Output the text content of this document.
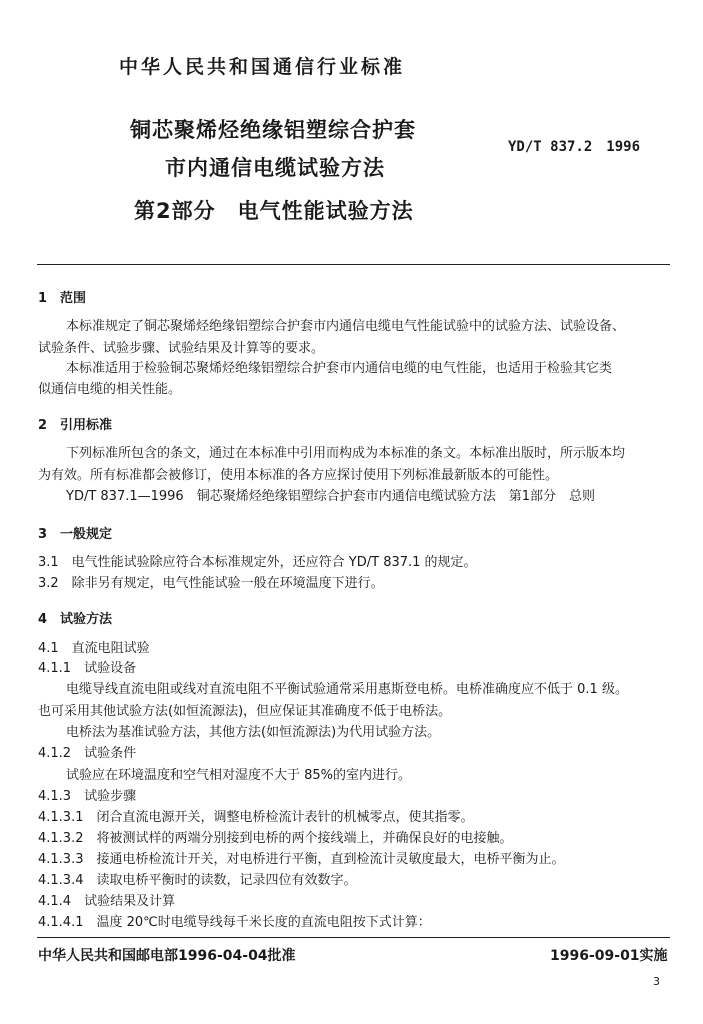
中华人民共和国通信行业标准
铜芯聚烯烃绝缘铝塑综合护套
市内通信电缆试验方法
第2部分　电气性能试验方法
YD/T 837.2　1996
1　范围
本标准规定了铜芯聚烯烃绝缘铝塑综合护套市内通信电缆电气性能试验中的试验方法、试验设备、
试验条件、试验步骤、试验结果及计算等的要求。
本标准适用于检验铜芯聚烯烃绝缘铝塑综合护套市内通信电缆的电气性能，也适用于检验其它类
似通信电缆的相关性能。
2　引用标准
下列标准所包含的条文，通过在本标准中引用而构成为本标准的条文。本标准出版时，所示版本均
为有效。所有标准都会被修订，使用本标准的各方应探讨使用下列标准最新版本的可能性。
YD/T 837.1—1996　铜芯聚烯烃绝缘铝塑综合护套市内通信电缆试验方法　第1部分　总则
3　一般规定
3.1　电气性能试验除应符合本标准规定外，还应符合 YD/T 837.1 的规定。
3.2　除非另有规定，电气性能试验一般在环境温度下进行。
4　试验方法
4.1　直流电阻试验
4.1.1　试验设备
电缆导线直流电阻或线对直流电阻不平衡试验通常采用惠斯登电桥。电桥准确度应不低于 0.1 级。
也可采用其他试验方法(如恒流源法)，但应保证其准确度不低于电桥法。
电桥法为基准试验方法，其他方法(如恒流源法)为代用试验方法。
4.1.2　试验条件
试验应在环境温度和空气相对湿度不大于 85%的室内进行。
4.1.3　试验步骤
4.1.3.1　闭合直流电源开关，调整电桥检流计表针的机械零点，使其指零。
4.1.3.2　将被测试样的两端分别接到电桥的两个接线端上，并确保良好的电接触。
4.1.3.3　接通电桥检流计开关，对电桥进行平衡，直到检流计灵敏度最大，电桥平衡为止。
4.1.3.4　读取电桥平衡时的读数，记录四位有效数字。
4.1.4　试验结果及计算
4.1.4.1　温度 20℃时电缆导线每千米长度的直流电阻按下式计算：
中华人民共和国邮电部1996-04-04批准	1996-09-01实施
3
